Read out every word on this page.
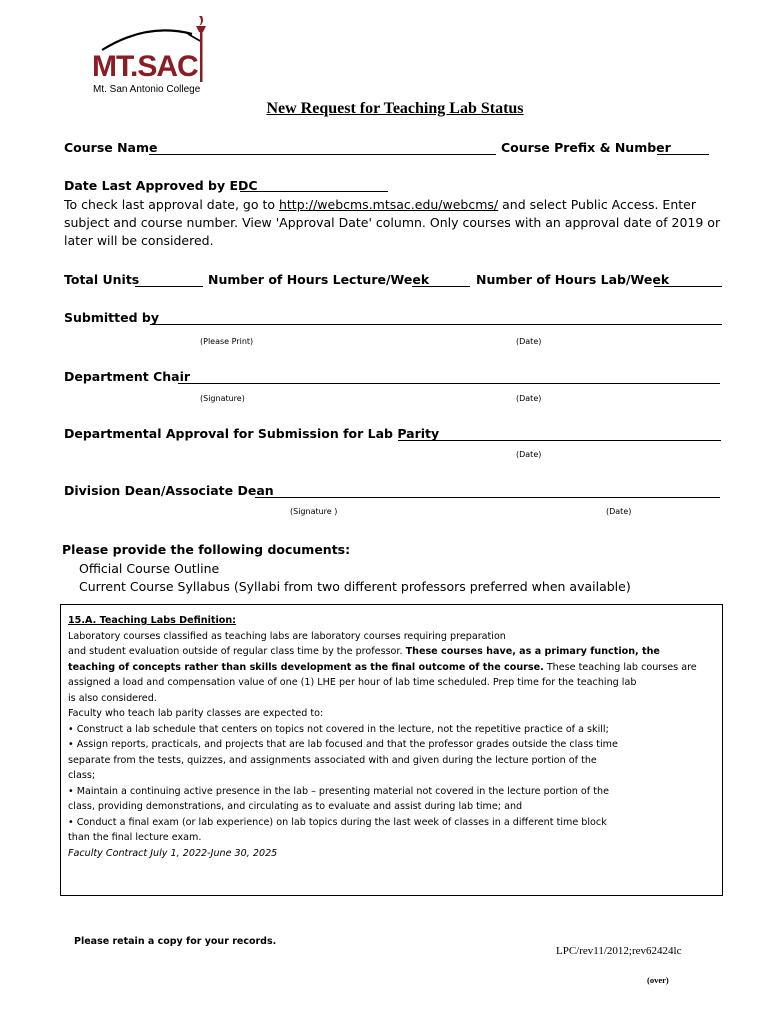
MT.SAC
Mt. San Antonio College
New Request for Teaching Lab Status
Course Name	Course Prefix & Number
Date Last Approved by EDC
To check last approval date, go to http://webcms.mtsac.edu/webcms/ and select Public Access. Enter
subject and course number. View 'Approval Date' column. Only courses with an approval date of 2019 or
later will be considered.
Total Units	Number of Hours Lecture/Week	Number of Hours Lab/Week
Submitted by
(Please Print)	(Date)
Department Chair
(Signature)	(Date)
Departmental Approval for Submission for Lab Parity
(Date)
Division Dean/Associate Dean
(Signature )	(Date)
Please provide the following documents:
Official Course Outline
Current Course Syllabus (Syllabi from two different professors preferred when available)

15.A. Teaching Labs Definition:

Laboratory courses classified as teaching labs are laboratory courses requiring preparation

and student evaluation outside of regular class time by the professor. These courses have, as a primary function, the

teaching of concepts rather than skills development as the final outcome of the course. These teaching lab courses are

assigned a load and compensation value of one (1) LHE per hour of lab time scheduled. Prep time for the teaching lab

is also considered.

Faculty who teach lab parity classes are expected to:

• Construct a lab schedule that centers on topics not covered in the lecture, not the repetitive practice of a skill;

• Assign reports, practicals, and projects that are lab focused and that the professor grades outside the class time

separate from the tests, quizzes, and assignments associated with and given during the lecture portion of the

class;

• Maintain a continuing active presence in the lab – presenting material not covered in the lecture portion of the

class, providing demonstrations, and circulating as to evaluate and assist during lab time; and

• Conduct a final exam (or lab experience) on lab topics during the last week of classes in a different time block

than the final lecture exam.

Faculty Contract July 1, 2022-June 30, 2025

Please retain a copy for your records.
LPC/rev11/2012;rev62424lc
(over)
